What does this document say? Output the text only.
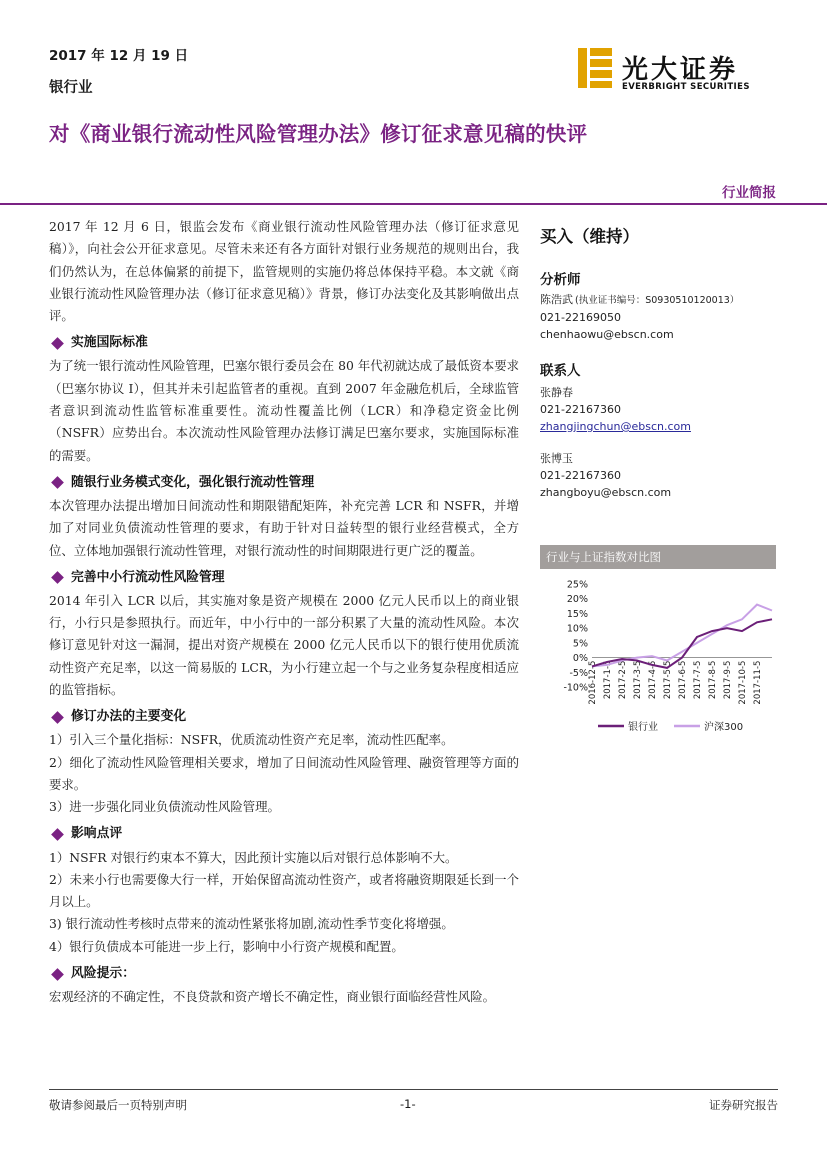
2017 年 12 月 19 日
银行业
光大证券
EVERBRIGHT SECURITIES
对《商业银行流动性风险管理办法》修订征求意见稿的快评
行业简报

2017 年 12 月 6 日，银监会发布《商业银行流动性风险管理办法（修订征求意见稿）》，向社会公开征求意见。尽管未来还有各方面针对银行业务规范的规则出台，我们仍然认为，在总体偏紧的前提下，监管规则的实施仍将总体保持平稳。本文就《商业银行流动性风险管理办法（修订征求意见稿）》背景，修订办法变化及其影响做出点评。

实施国际标准

为了统一银行流动性风险管理，巴塞尔银行委员会在 80 年代初就达成了最低资本要求（巴塞尔协议 I），但其并未引起监管者的重视。直到 2007 年金融危机后，全球监管者意识到流动性监管标准重要性。流动性覆盖比例（LCR）和净稳定资金比例（NSFR）应势出台。本次流动性风险管理办法修订满足巴塞尔要求，实施国际标准的需要。

随银行业务模式变化，强化银行流动性管理

本次管理办法提出增加日间流动性和期限错配矩阵，补充完善 LCR 和 NSFR，并增加了对同业负债流动性管理的要求，有助于针对日益转型的银行业经营模式，全方位、立体地加强银行流动性管理，对银行流动性的时间期限进行更广泛的覆盖。

完善中小行流动性风险管理

2014 年引入 LCR 以后，其实施对象是资产规模在 2000 亿元人民币以上的商业银行，小行只是参照执行。而近年，中小行中的一部分积累了大量的流动性风险。本次修订意见针对这一漏洞，提出对资产规模在 2000 亿元人民币以下的银行使用优质流动性资产充足率，以这一简易版的 LCR，为小行建立起一个与之业务复杂程度相适应的监管指标。

修订办法的主要变化

1）引入三个量化指标：NSFR，优质流动性资产充足率，流动性匹配率。

2）细化了流动性风险管理相关要求，增加了日间流动性风险管理、融资管理等方面的要求。

3）进一步强化同业负债流动性风险管理。

影响点评

1）NSFR 对银行约束本不算大，因此预计实施以后对银行总体影响不大。

2）未来小行也需要像大行一样，开始保留高流动性资产，或者将融资期限延长到一个月以上。

3) 银行流动性考核时点带来的流动性紧张将加剧,流动性季节变化将增强。

4）银行负债成本可能进一步上行，影响中小行资产规模和配置。

风险提示：

宏观经济的不确定性，不良贷款和资产增长不确定性，商业银行面临经营性风险。

买入（维持）
分析师
陈浩武 (执业证书编号：S0930510120013）
021-22169050
chenhaowu@ebscn.com
联系人
张静春
021-22167360
zhangjingchun@ebscn.com
张博玉
021-22167360
zhangboyu@ebscn.com
行业与上证指数对比图
25%
20%
15%
10%
5%
0%
-5%
-10% 2016-12-5 2017-1-5 2017-2-5 2017-3-5 2017-4-5 2017-5-5 2017-6-5 2017-7-5 2017-8-5 2017-9-5 2017-10-5 2017-11-5
银行业	沪深300
敬请参阅最后一页特别声明	-1-	证券研究报告
